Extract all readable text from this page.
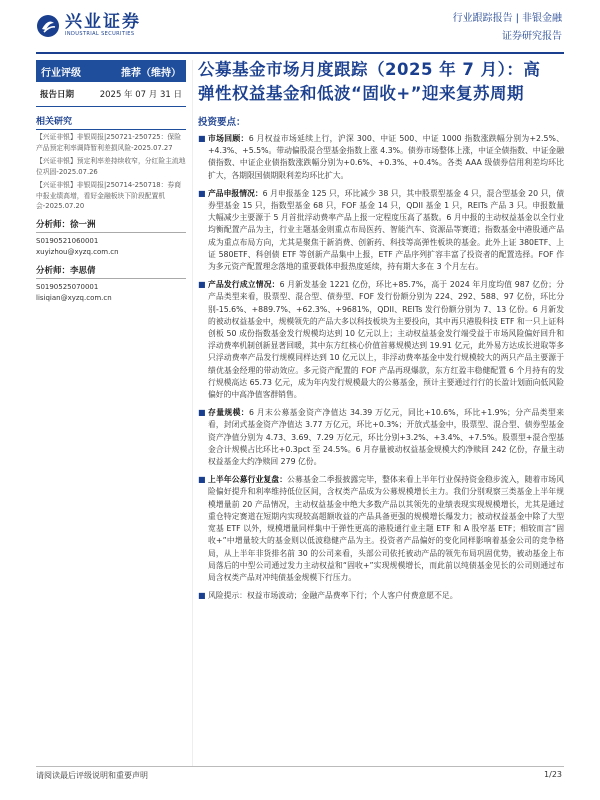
兴业证券
INDUSTRIAL SECURITIES
行业跟踪报告 | 非银金融
证券研究报告
行业评级	推荐（维持）
报告日期	2025 年 07 月 31 日
相关研究
【兴证非银】非银周报|250721-250725：保险产品预定利率调降暂利差损风险-2025.07.27
【兴证非银】预定利率差持续收窄，分红险主流地位巩固-2025.07.26
【兴证非银】非银周报|250714-250718：券商中报业绩高增，看好金融板块下阶段配置机会-2025.07.20
分析师：徐一洲
S0190521060001
xuyizhou@xyzq.com.cn
分析师：李思倩
S0190525070001
lisiqian@xyzq.com.cn
公募基金市场月度跟踪（2025 年 7 月）：高
弹性权益基金和低波“固收+”迎来复苏周期
投资要点：
■ 市场回顾：6 月权益市场延续上行，沪深 300、中证 500、中证 1000 指数涨跌幅分别为+2.5%、+4.3%、+5.5%。带动偏股混合型基金指数上涨 4.3%。债券市场整体上涨，中证全债指数、中证金融债指数、中证企业债指数涨跌幅分别为+0.6%、+0.3%、+0.4%。各类 AAA 级债券信用利差均环比扩大，各期限国债期限利差均环比扩大。
■ 产品申报情况：6 月申报基金 125 只，环比减少 38 只，其中股票型基金 4 只，混合型基金 20 只，债券型基金 15 只，指数型基金 68 只，FOF 基金 14 只，QDII 基金 1 只，REITs 产品 3 只。申报数量大幅减少主要源于 5 月首批浮动费率产品上报一定程度压高了基数。6 月中报的主动权益基金以全行业均衡配置产品为主，行业主题基金则重点布局医药、智能汽车、资源品等赛道；指数基金中港股通产品成为重点布局方向，尤其是聚焦于新消费、创新药、科技等高弹性板块的基金。此外上证 380ETF、上证 580ETF、科创债 ETF 等创新产品集中上报，ETF 产品序列扩容丰富了投资者的配置选择。FOF 作为多元资产配置理念落地的重要载体申报热度延续，持有期大多在 3 个月左右。
■ 产品发行成立情况：6 月新发基金 1221 亿份，环比+85.7%，高于 2024 年月度均值 987 亿份；分产品类型来看，股票型、混合型、债券型、FOF 发行份额分别为 224、292、588、97 亿份，环比分别-15.6%、+889.7%、+62.3%、+9681%，QDII、REITs 发行份额分别为 7、13 亿份。6 月新发的被动权益基金中，规模领先的产品大多以科技板块为主要投向，其中再只港股科技 ETF 和一只上证科创板 50 成份指数基金发行规模均达到 10 亿元以上；主动权益基金发行端受益于市场风险偏好回升和浮动费率机制创新显著回暖，其中东方红核心价值首募规模达到 19.91 亿元，此外易方达成长进取等多只浮动费率产品发行规模同样达到 10 亿元以上，非浮动费率基金中发行规模较大的两只产品主要源于绩优基金经理的带动效应。多元资产配置的 FOF 产品再现爆款，东方红盈丰稳健配置 6 个月持有的发行规模高达 65.73 亿元，成为年内发行规模最大的公募基金，预计主要通过行行的长盈计划面向低风险偏好的中高净值客群销售。
■ 存量规模：6 月末公募基金资产净值达 34.39 万亿元，同比+10.6%，环比+1.9%；分产品类型来看，封闭式基金资产净值达 3.77 万亿元，环比+0.3%；开放式基金中，股票型、混合型、债券型基金资产净值分别为 4.73、3.69、7.29 万亿元，环比分别+3.2%、+3.4%、+7.5%。股票型+混合型基金合计规模占比环比+0.3pct 至 24.5%。6 月存量被动权益基金规模大约净赎回 242 亿份，存量主动权益基金大约净赎回 279 亿份。
■ 上半年公募行业复盘：公募基金二季报披露完毕，整体来看上半年行业保持资金稳步流入，随着市场风险偏好提升和利率维持低位区间，含权类产品成为公募规模增长主力。我们分别观察三类基金上半年规模增量前 20 产品情况，主动权益基金中绝大多数产品以其领先的业绩表现实现规模增长，尤其是通过重仓特定赛道在短期内实现较高超额收益的产品具备更强的规模增长爆发力；被动权益基金中除了大型宽基 ETF 以外，规模增量同样集中于弹性更高的港股通行业主题 ETF 和 A 股窄基 ETF；相较而言“固收+”中增量较大的基金则以低波稳健产品为主。投资者产品偏好的变化同样影响着基金公司的竞争格局，从上半年非货排名前 30 的公司来看，头部公司依托被动产品的领先布局巩固优势，被动基金上布局落后的中型公司通过发力主动权益和“固收+”实现规模增长，而此前以纯债基金见长的公司则通过布局含权类产品对冲纯债基金规模下行压力。
■ 风险提示：权益市场波动；金融产品费率下行；个人客户付费意愿不足。
请阅读最后评级说明和重要声明	1/23
